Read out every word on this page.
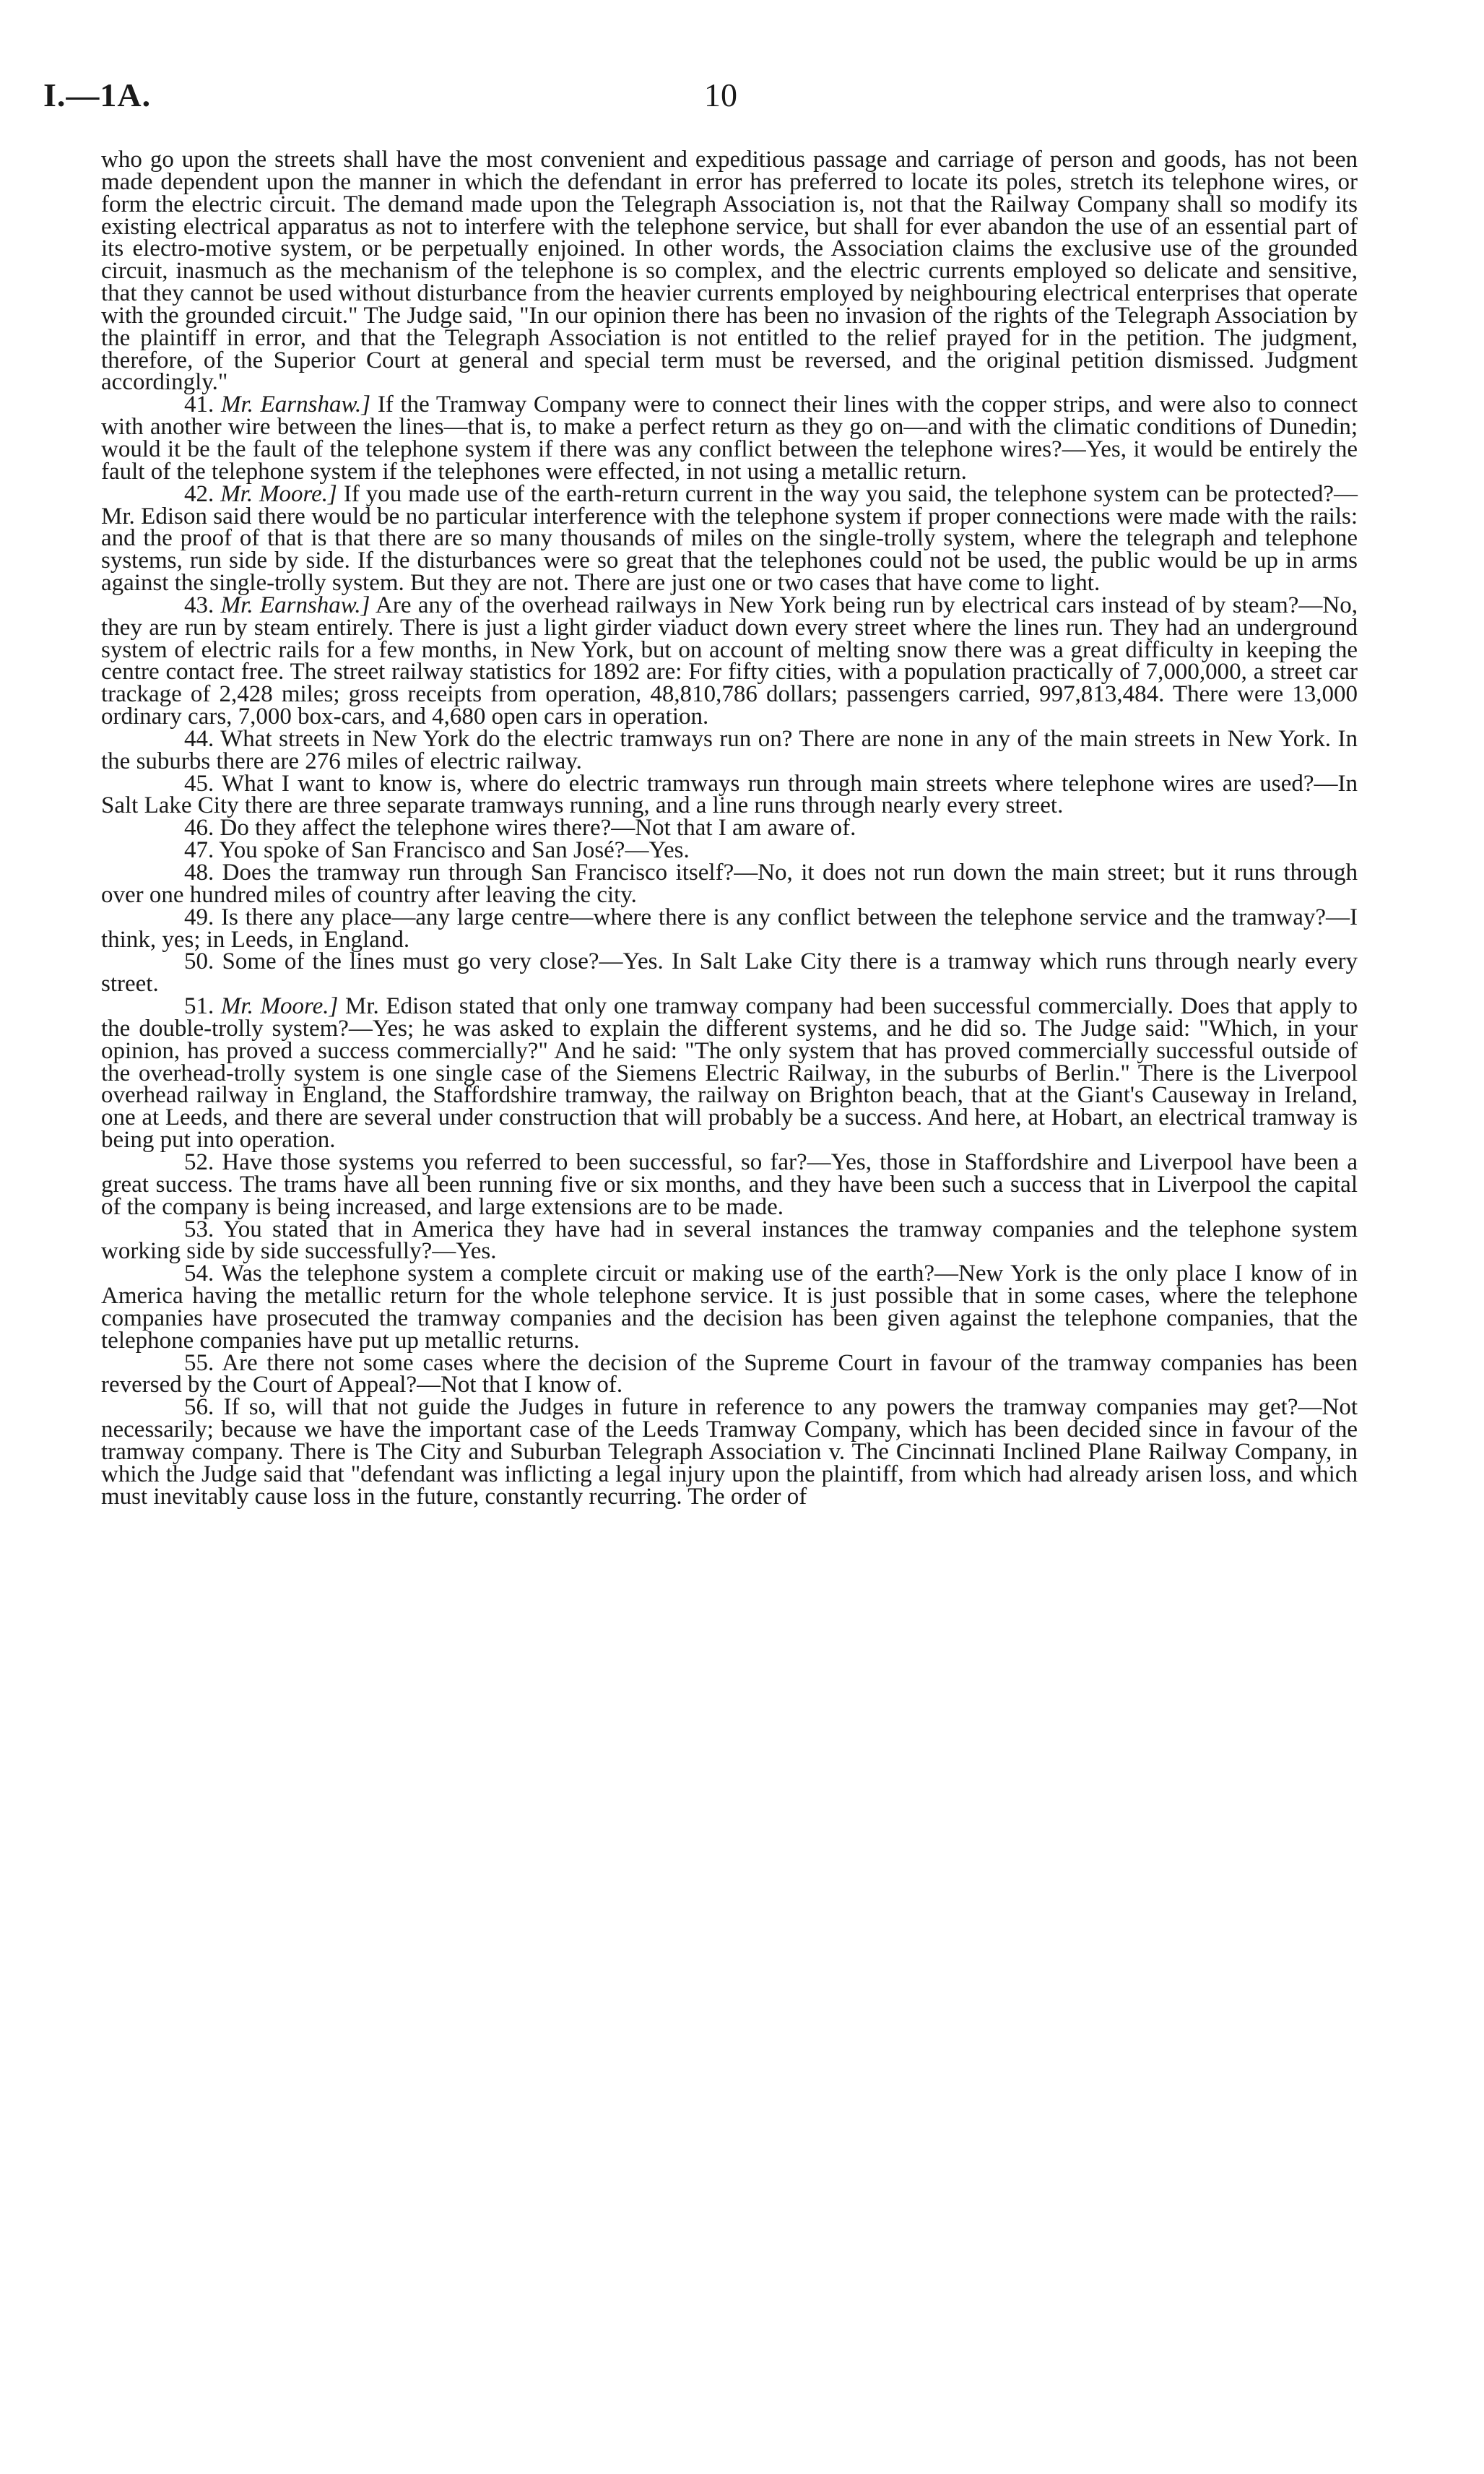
I.—1A.	10

who go upon the streets shall have the most convenient and expeditious passage and carriage of person and goods, has not been made dependent upon the manner in which the defendant in error has preferred to locate its poles, stretch its telephone wires, or form the electric circuit. The demand made upon the Telegraph Association is, not that the Railway Company shall so modify its existing electrical apparatus as not to interfere with the telephone service, but shall for ever abandon the use of an essential part of its electro-motive system, or be perpetually enjoined. In other words, the Association claims the exclusive use of the grounded circuit, inasmuch as the mechanism of the telephone is so complex, and the electric currents employed so delicate and sensitive, that they cannot be used without disturbance from the heavier currents employed by neighbouring electrical enterprises that operate with the grounded circuit." The Judge said, "In our opinion there has been no invasion of the rights of the Telegraph Association by the plaintiff in error, and that the Telegraph Association is not entitled to the relief prayed for in the petition. The judgment, therefore, of the Superior Court at general and special term must be reversed, and the original petition dismissed. Judgment accordingly."

41. Mr. Earnshaw.] If the Tramway Company were to connect their lines with the copper strips, and were also to connect with another wire between the lines—that is, to make a perfect return as they go on—and with the climatic conditions of Dunedin; would it be the fault of the telephone system if there was any conflict between the telephone wires?—Yes, it would be entirely the fault of the telephone system if the telephones were effected, in not using a metallic return.

42. Mr. Moore.] If you made use of the earth-return current in the way you said, the telephone system can be protected?—Mr. Edison said there would be no particular interference with the telephone system if proper connections were made with the rails: and the proof of that is that there are so many thousands of miles on the single-trolly system, where the telegraph and telephone systems, run side by side. If the disturbances were so great that the telephones could not be used, the public would be up in arms against the single-trolly system. But they are not. There are just one or two cases that have come to light.

43. Mr. Earnshaw.] Are any of the overhead railways in New York being run by electrical cars instead of by steam?—No, they are run by steam entirely. There is just a light girder viaduct down every street where the lines run. They had an underground system of electric rails for a few months, in New York, but on account of melting snow there was a great difficulty in keeping the centre contact free. The street railway statistics for 1892 are: For fifty cities, with a population practically of 7,000,000, a street car trackage of 2,428 miles; gross receipts from operation, 48,810,786 dollars; passengers carried, 997,813,484. There were 13,000 ordinary cars, 7,000 box-cars, and 4,680 open cars in operation.

44. What streets in New York do the electric tramways run on? There are none in any of the main streets in New York. In the suburbs there are 276 miles of electric railway.

45. What I want to know is, where do electric tramways run through main streets where telephone wires are used?—In Salt Lake City there are three separate tramways running, and a line runs through nearly every street.

46. Do they affect the telephone wires there?—Not that I am aware of.

47. You spoke of San Francisco and San José?—Yes.

48. Does the tramway run through San Francisco itself?—No, it does not run down the main street; but it runs through over one hundred miles of country after leaving the city.

49. Is there any place—any large centre—where there is any conflict between the telephone service and the tramway?—I think, yes; in Leeds, in England.

50. Some of the lines must go very close?—Yes. In Salt Lake City there is a tramway which runs through nearly every street.

51. Mr. Moore.] Mr. Edison stated that only one tramway company had been successful commercially. Does that apply to the double-trolly system?—Yes; he was asked to explain the different systems, and he did so. The Judge said: "Which, in your opinion, has proved a success commercially?" And he said: "The only system that has proved commercially successful outside of the overhead-trolly system is one single case of the Siemens Electric Railway, in the suburbs of Berlin." There is the Liverpool overhead railway in England, the Staffordshire tramway, the railway on Brighton beach, that at the Giant's Causeway in Ireland, one at Leeds, and there are several under construction that will probably be a success. And here, at Hobart, an electrical tramway is being put into operation.

52. Have those systems you referred to been successful, so far?—Yes, those in Staffordshire and Liverpool have been a great success. The trams have all been running five or six months, and they have been such a success that in Liverpool the capital of the company is being increased, and large extensions are to be made.

53. You stated that in America they have had in several instances the tramway companies and the telephone system working side by side successfully?—Yes.

54. Was the telephone system a complete circuit or making use of the earth?—New York is the only place I know of in America having the metallic return for the whole telephone service. It is just possible that in some cases, where the telephone companies have prosecuted the tramway companies and the decision has been given against the telephone companies, that the telephone companies have put up metallic returns.

55. Are there not some cases where the decision of the Supreme Court in favour of the tramway companies has been reversed by the Court of Appeal?—Not that I know of.

56. If so, will that not guide the Judges in future in reference to any powers the tramway companies may get?—Not necessarily; because we have the important case of the Leeds Tramway Company, which has been decided since in favour of the tramway company. There is The City and Suburban Telegraph Association v. The Cincinnati Inclined Plane Railway Company, in which the Judge said that "defendant was inflicting a legal injury upon the plaintiff, from which had already arisen loss, and which must inevitably cause loss in the future, constantly recurring. The order of
